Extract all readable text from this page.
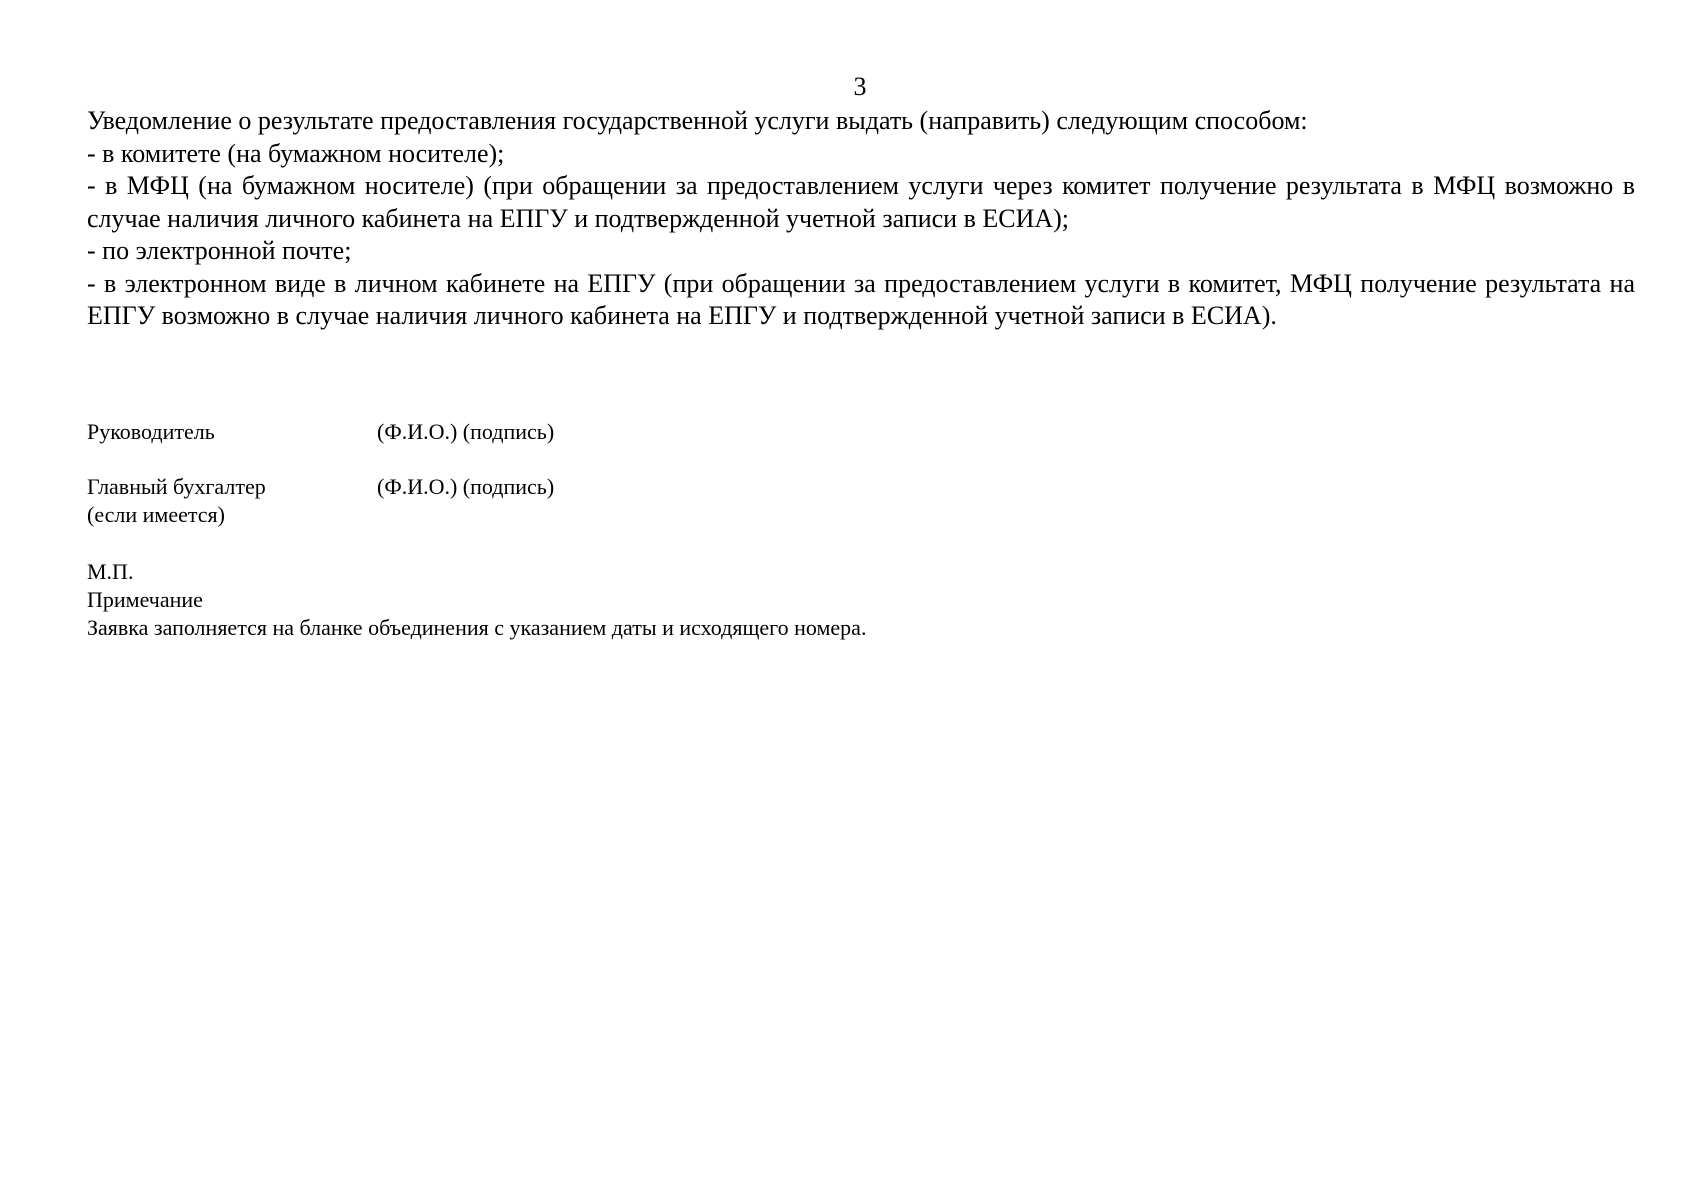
3

Уведомление о результате предоставления государственной услуги выдать (направить) следующим способом:

- в комитете (на бумажном носителе);

- в МФЦ (на бумажном носителе) (при обращении за предоставлением услуги через комитет получение результата в МФЦ возможно в случае наличия личного кабинета на ЕПГУ и подтвержденной учетной записи в ЕСИА);

- по электронной почте;

- в электронном виде в личном кабинете на ЕПГУ (при обращении за предоставлением услуги в комитет, МФЦ получение результата на ЕПГУ возможно в случае наличия личного кабинета на ЕПГУ и подтвержденной учетной записи в ЕСИА).

Руководитель	(Ф.И.О.) (подпись)
Главный бухгалтер
(если имеется)
(Ф.И.О.) (подпись)
М.П.
Примечание
Заявка заполняется на бланке объединения с указанием даты и исходящего номера.
